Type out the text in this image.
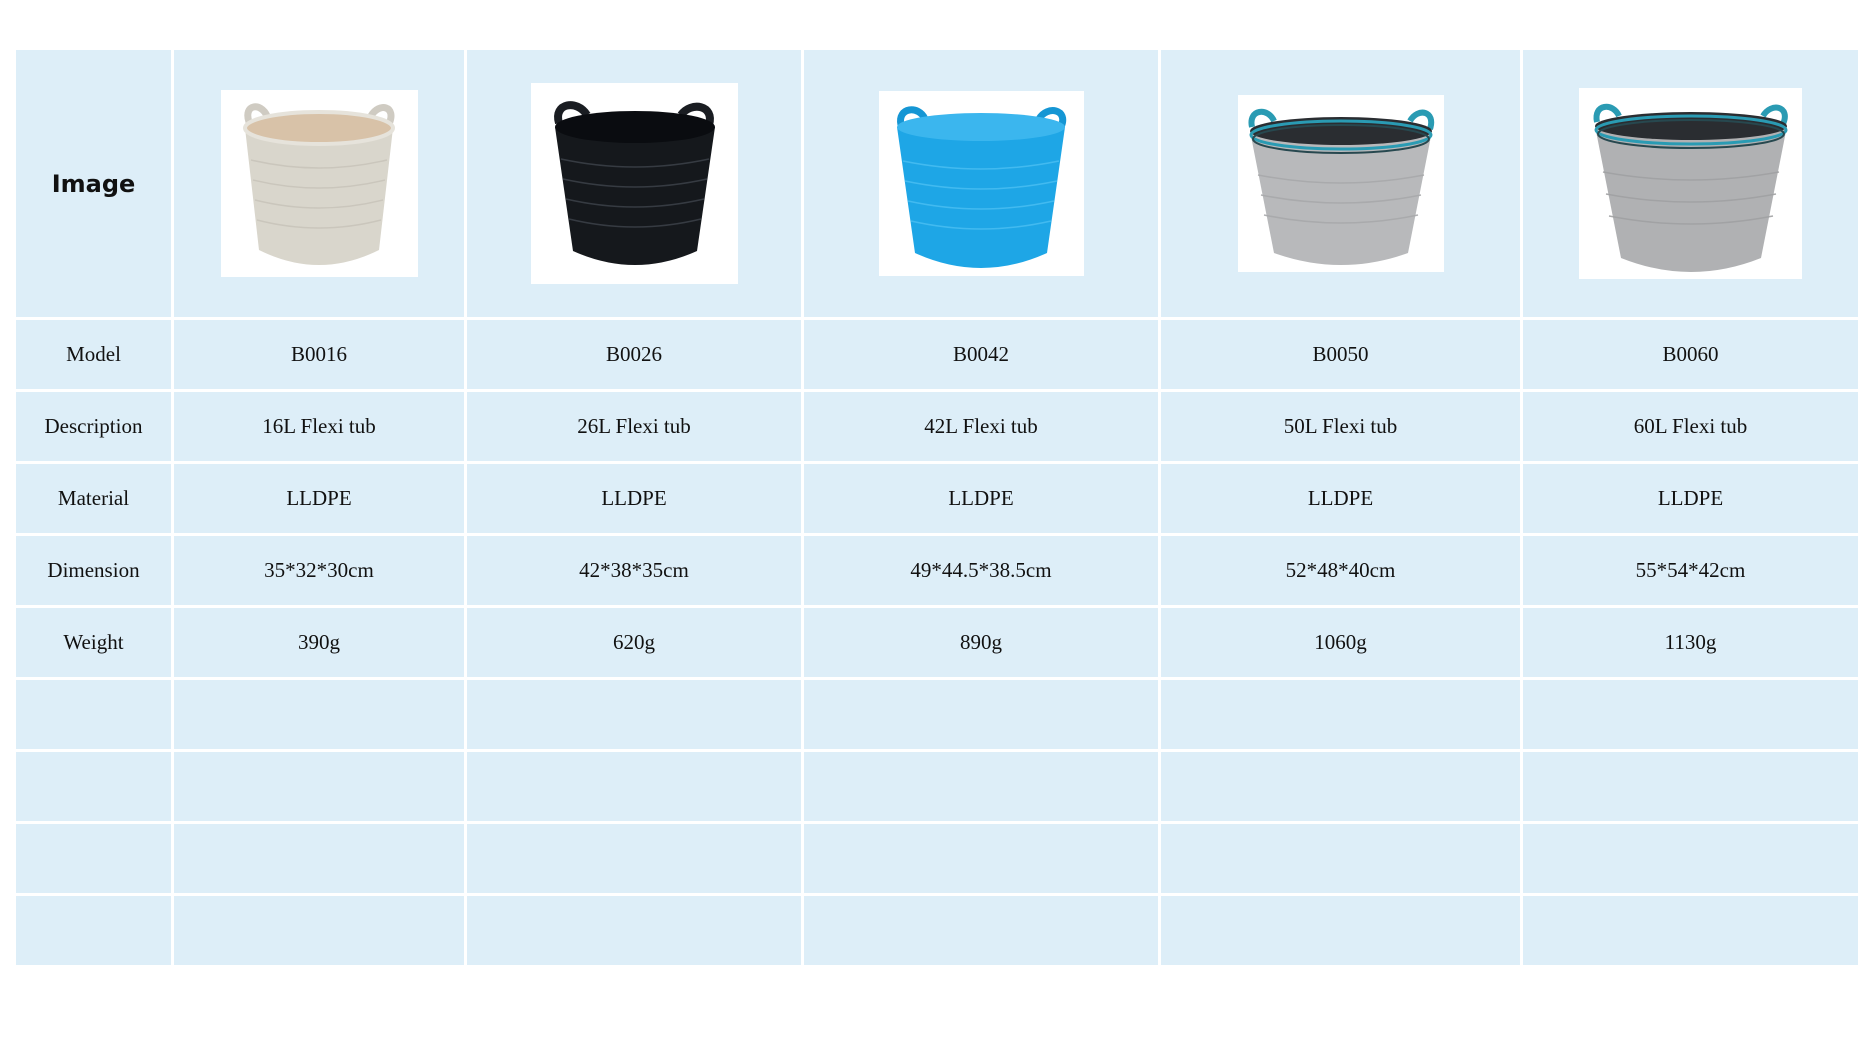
Image	

Model	B0016	B0026	B0042	B0050	B0060
Description	16L Flexi tub	26L Flexi tub	42L Flexi tub	50L Flexi tub	60L Flexi tub
Material	LLDPE	LLDPE	LLDPE	LLDPE	LLDPE
Dimension	35*32*30cm	42*38*35cm	49*44.5*38.5cm	52*48*40cm	55*54*42cm
Weight	390g	620g	890g	1060g	1130g
